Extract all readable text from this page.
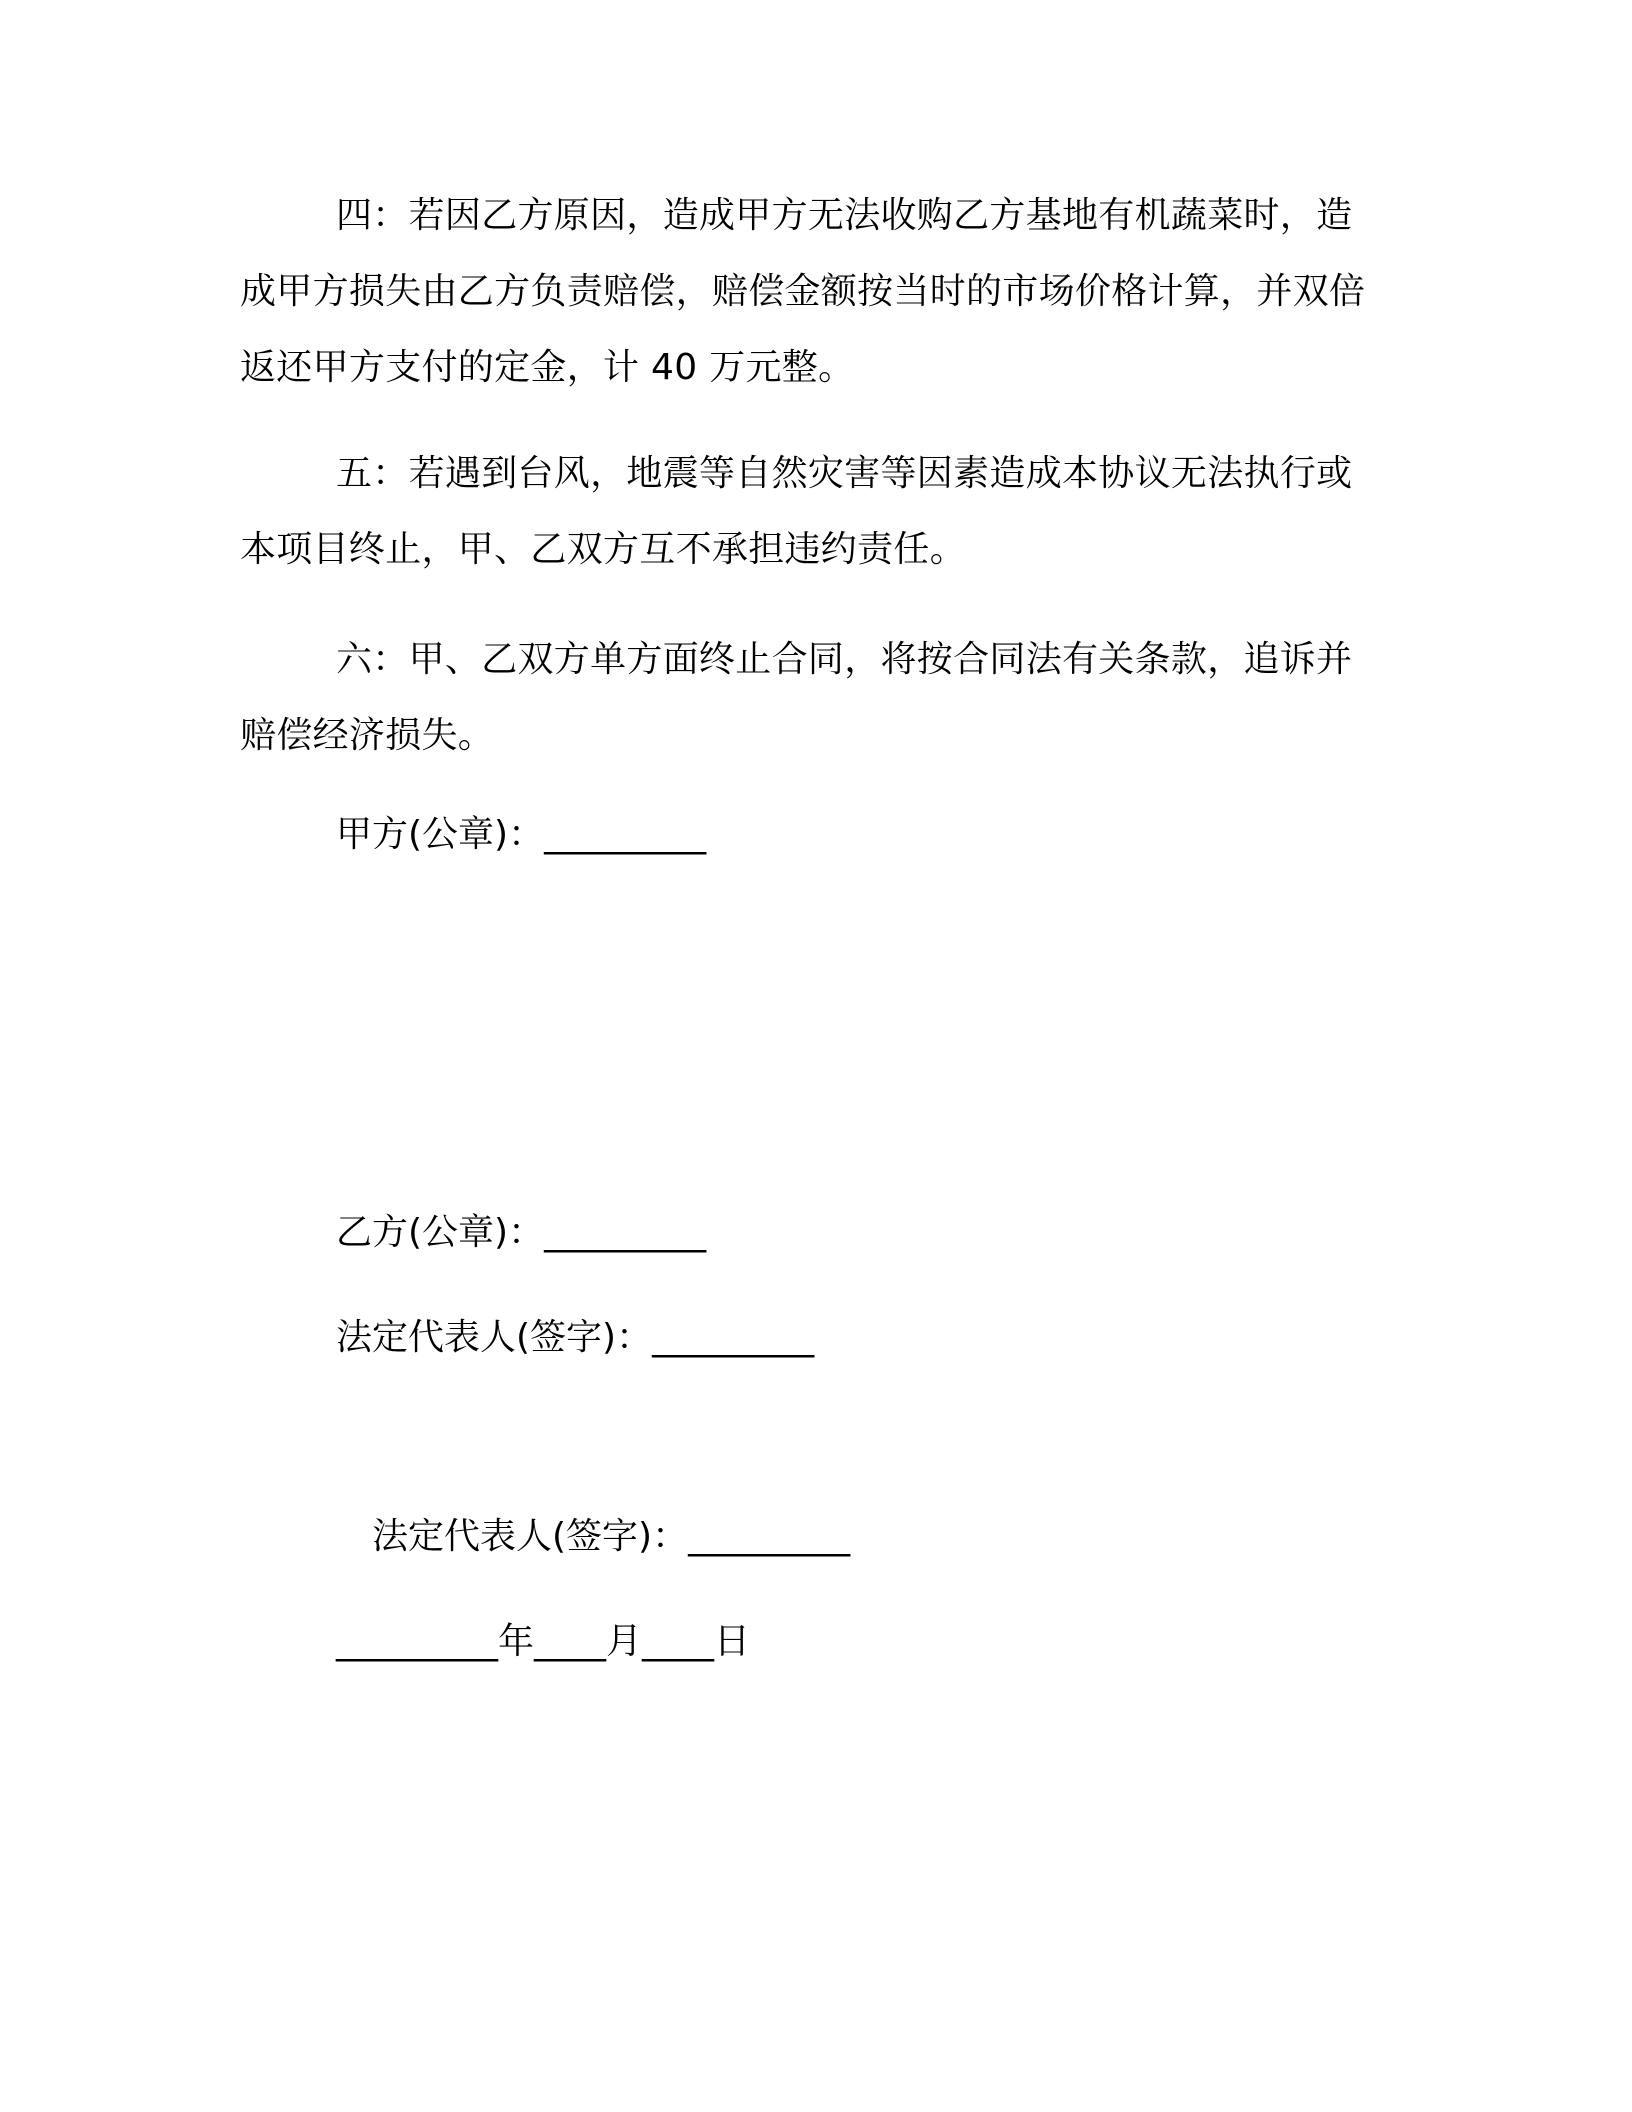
四：若因乙方原因，造成甲方无法收购乙方基地有机蔬菜时，造成甲方损失由乙方负责赔偿，赔偿金额按当时的市场价格计算，并双倍返还甲方支付的定金，计 40 万元整。

五：若遇到台风，地震等自然灾害等因素造成本协议无法执行或本项目终止，甲、乙双方互不承担违约责任。

六：甲、乙双方单方面终止合同，将按合同法有关条款，追诉并赔偿经济损失。

甲方(公章)：_________
乙方(公章)：_________
法定代表人(签字)：_________
法定代表人(签字)：_________
_________年____月____日
